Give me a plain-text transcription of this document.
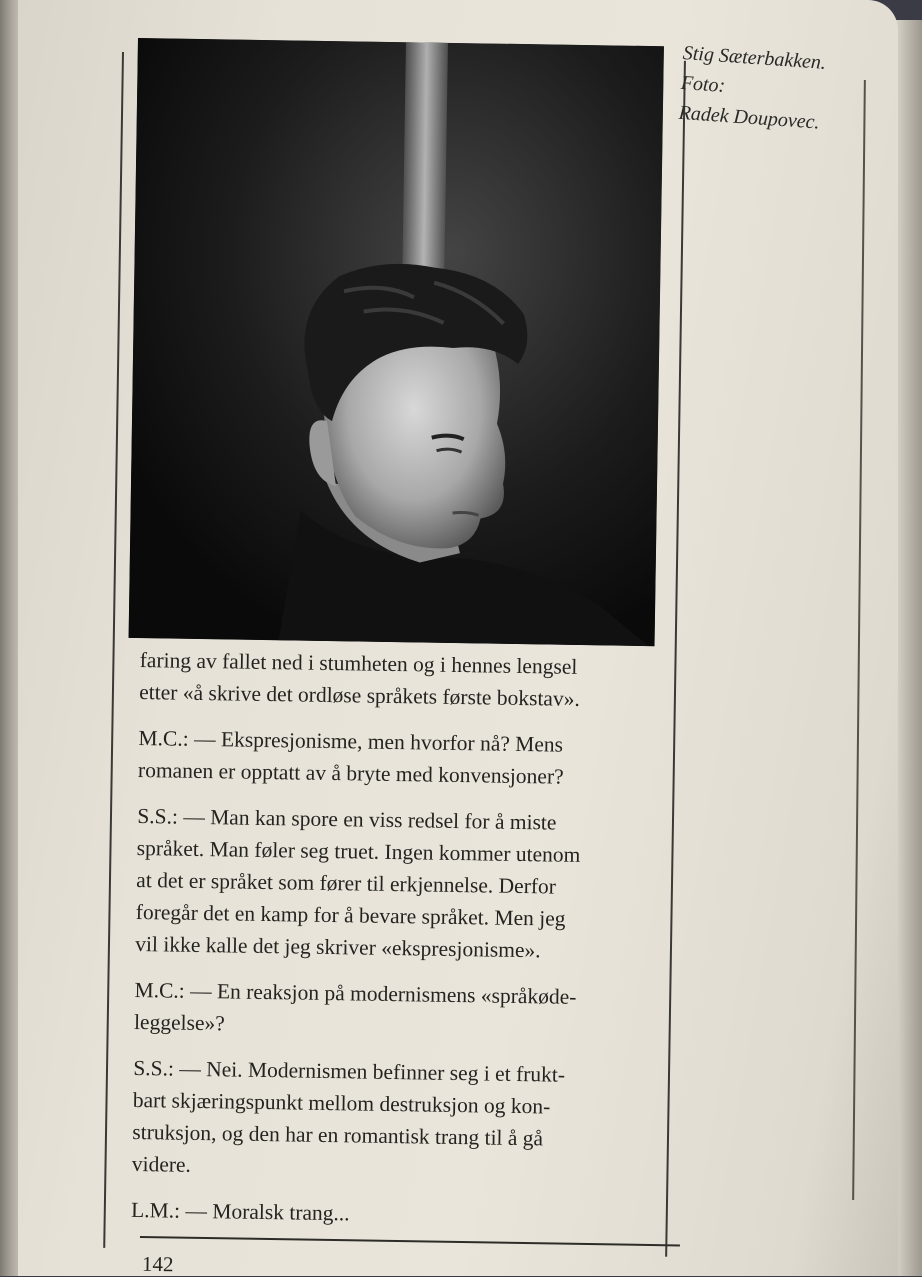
Stig Sæterbakken.
Foto:
Radek Doupovec.

faring av fallet ned i stumheten og i hennes lengsel
etter «å skrive det ordløse språkets første bokstav».

M.C.: — Ekspresjonisme, men hvorfor nå? Mens
romanen er opptatt av å bryte med konvensjoner?

S.S.: — Man kan spore en viss redsel for å miste
språket. Man føler seg truet. Ingen kommer utenom
at det er språket som fører til erkjennelse. Derfor
foregår det en kamp for å bevare språket. Men jeg
vil ikke kalle det jeg skriver «ekspresjonisme».

M.C.: — En reaksjon på modernismens «språkøde-
leggelse»?

S.S.: — Nei. Modernismen befinner seg i et frukt-
bart skjæringspunkt mellom destruksjon og kon-
struksjon, og den har en romantisk trang til å gå
videre.

L.M.: — Moralsk trang...

142
